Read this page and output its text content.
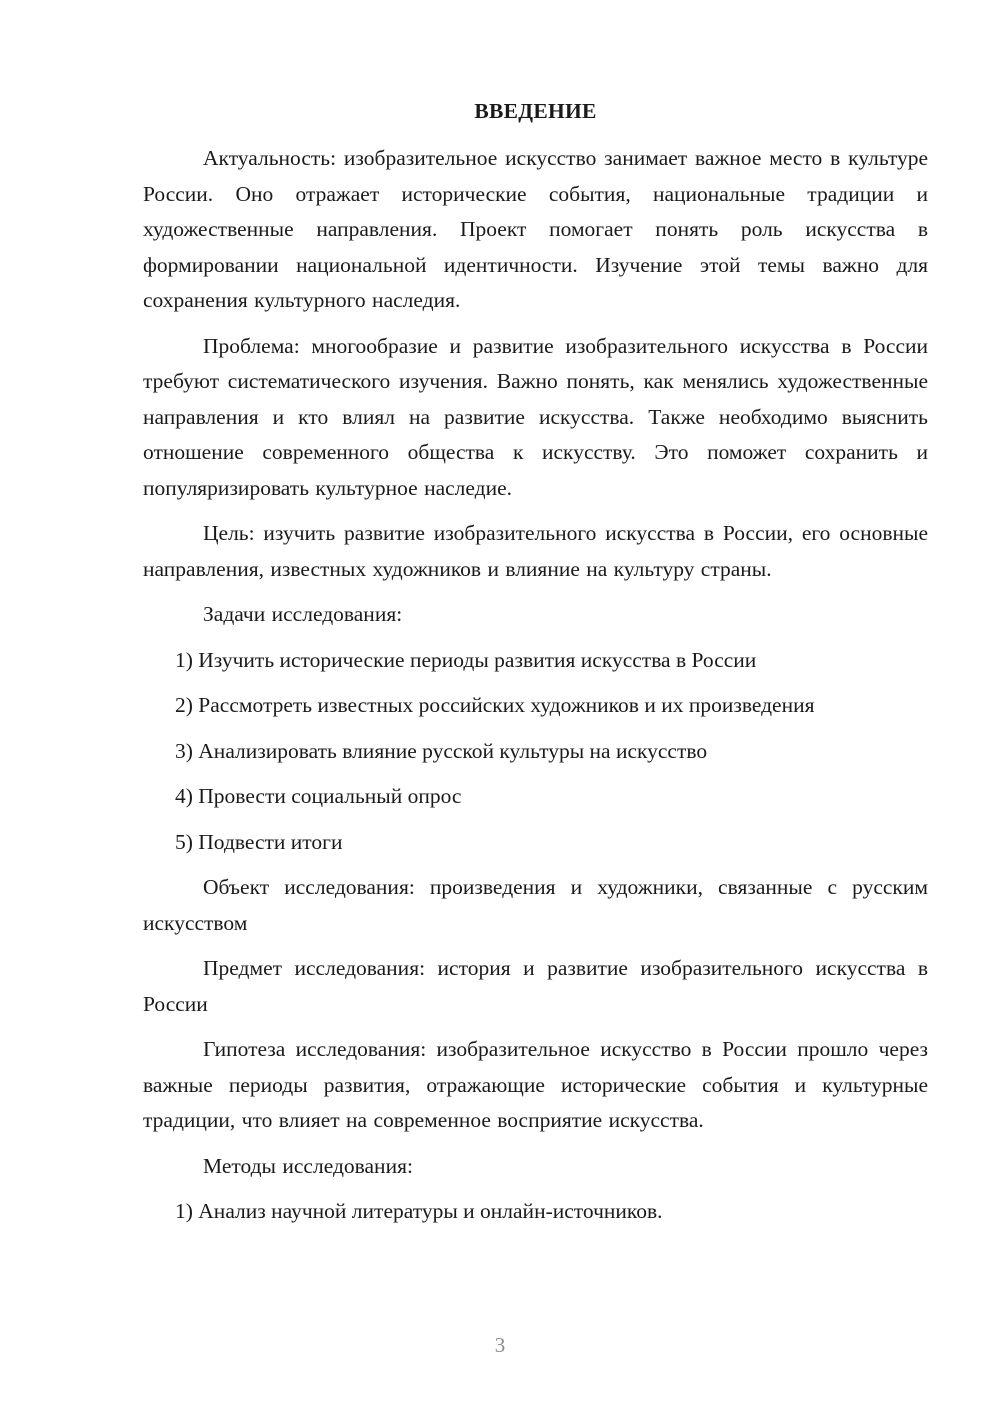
ВВЕДЕНИЕ

Актуальность: изобразительное искусство занимает важное место в культуре России. Оно отражает исторические события, национальные традиции и художественные направления. Проект помогает понять роль искусства в формировании национальной идентичности. Изучение этой темы важно для сохранения культурного наследия.

Проблема: многообразие и развитие изобразительного искусства в России требуют систематического изучения. Важно понять, как менялись художественные направления и кто влиял на развитие искусства. Также необходимо выяснить отношение современного общества к искусству. Это поможет сохранить и популяризировать культурное наследие.

Цель: изучить развитие изобразительного искусства в России, его основные направления, известных художников и влияние на культуру страны.

Задачи исследования:

1) Изучить исторические периоды развития искусства в России

2) Рассмотреть известных российских художников и их произведения

3) Анализировать влияние русской культуры на искусство

4) Провести социальный опрос

5) Подвести итоги

Объект исследования: произведения и художники, связанные с русским искусством

Предмет исследования: история и развитие изобразительного искусства в России

Гипотеза исследования: изобразительное искусство в России прошло через важные периоды развития, отражающие исторические события и культурные традиции, что влияет на современное восприятие искусства.

Методы исследования:

1) Анализ научной литературы и онлайн-источников.

3
